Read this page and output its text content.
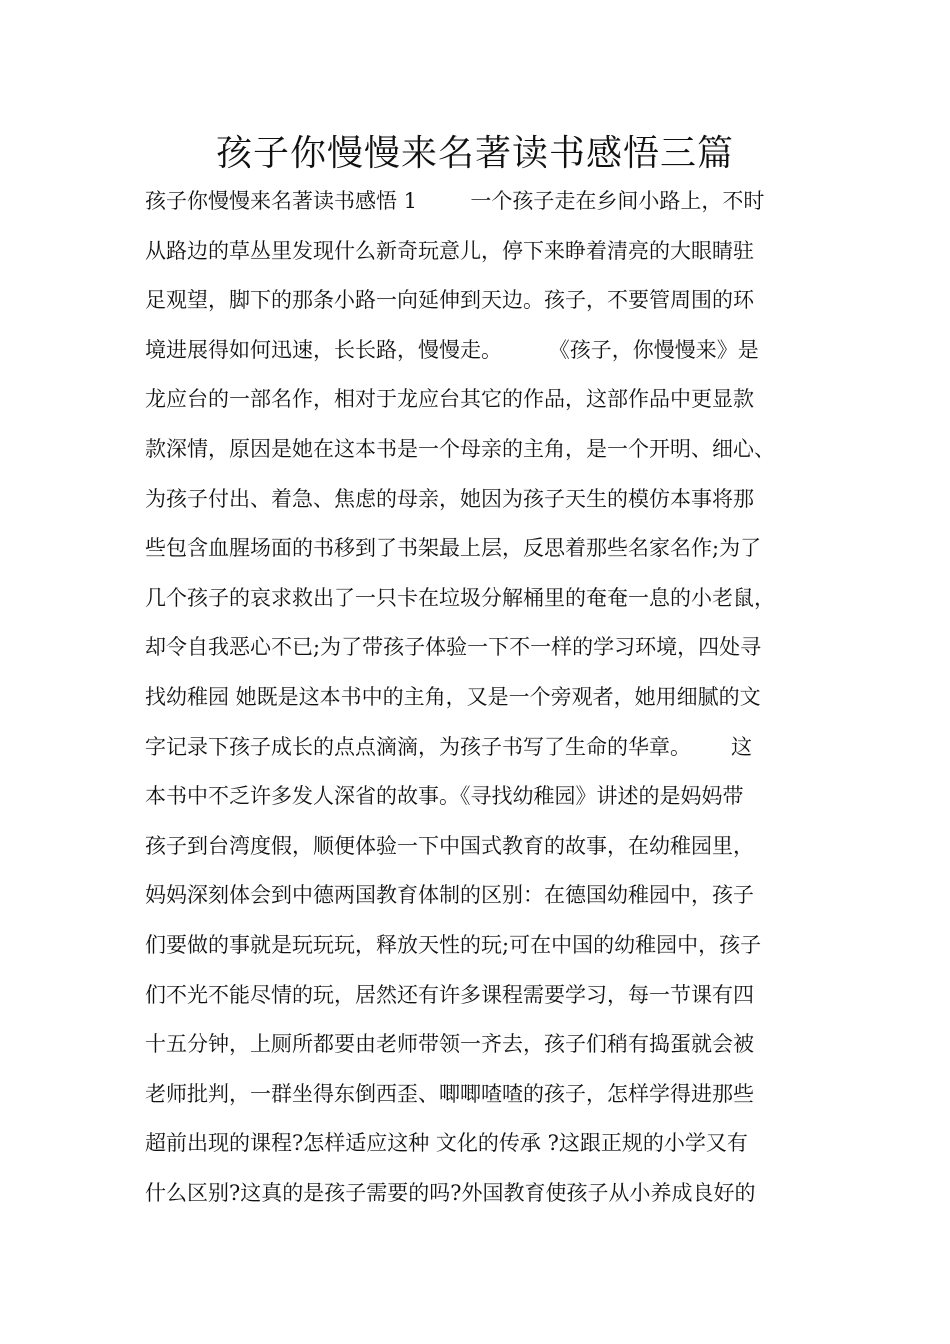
孩子你慢慢来名著读书感悟三篇
孩子你慢慢来名著读书感悟 1        一个孩子走在乡间小路上，不时
从路边的草丛里发现什么新奇玩意儿，停下来睁着清亮的大眼睛驻
足观望，脚下的那条小路一向延伸到天边。孩子，不要管周围的环
境进展得如何迅速，长长路，慢慢走。       《孩子，你慢慢来》是
龙应台的一部名作，相对于龙应台其它的作品，这部作品中更显款
款深情，原因是她在这本书是一个母亲的主角，是一个开明、细心、
为孩子付出、着急、焦虑的母亲，她因为孩子天生的模仿本事将那
些包含血腥场面的书移到了书架最上层，反思着那些名家名作;为了
几个孩子的哀求救出了一只卡在垃圾分解桶里的奄奄一息的小老鼠，
却令自我恶心不已;为了带孩子体验一下不一样的学习环境，四处寻
找幼稚园 她既是这本书中的主角，又是一个旁观者，她用细腻的文
字记录下孩子成长的点点滴滴，为孩子书写了生命的华章。      这
本书中不乏许多发人深省的故事。《寻找幼稚园》讲述的是妈妈带
孩子到台湾度假，顺便体验一下中国式教育的故事，在幼稚园里，
妈妈深刻体会到中德两国教育体制的区别：在德国幼稚园中，孩子
们要做的事就是玩玩玩，释放天性的玩;可在中国的幼稚园中，孩子
们不光不能尽情的玩，居然还有许多课程需要学习，每一节课有四
十五分钟，上厕所都要由老师带领一齐去，孩子们稍有捣蛋就会被
老师批判，一群坐得东倒西歪、唧唧喳喳的孩子，怎样学得进那些
超前出现的课程?怎样适应这种 文化的传承 ?这跟正规的小学又有
什么区别?这真的是孩子需要的吗?外国教育使孩子从小养成良好的
